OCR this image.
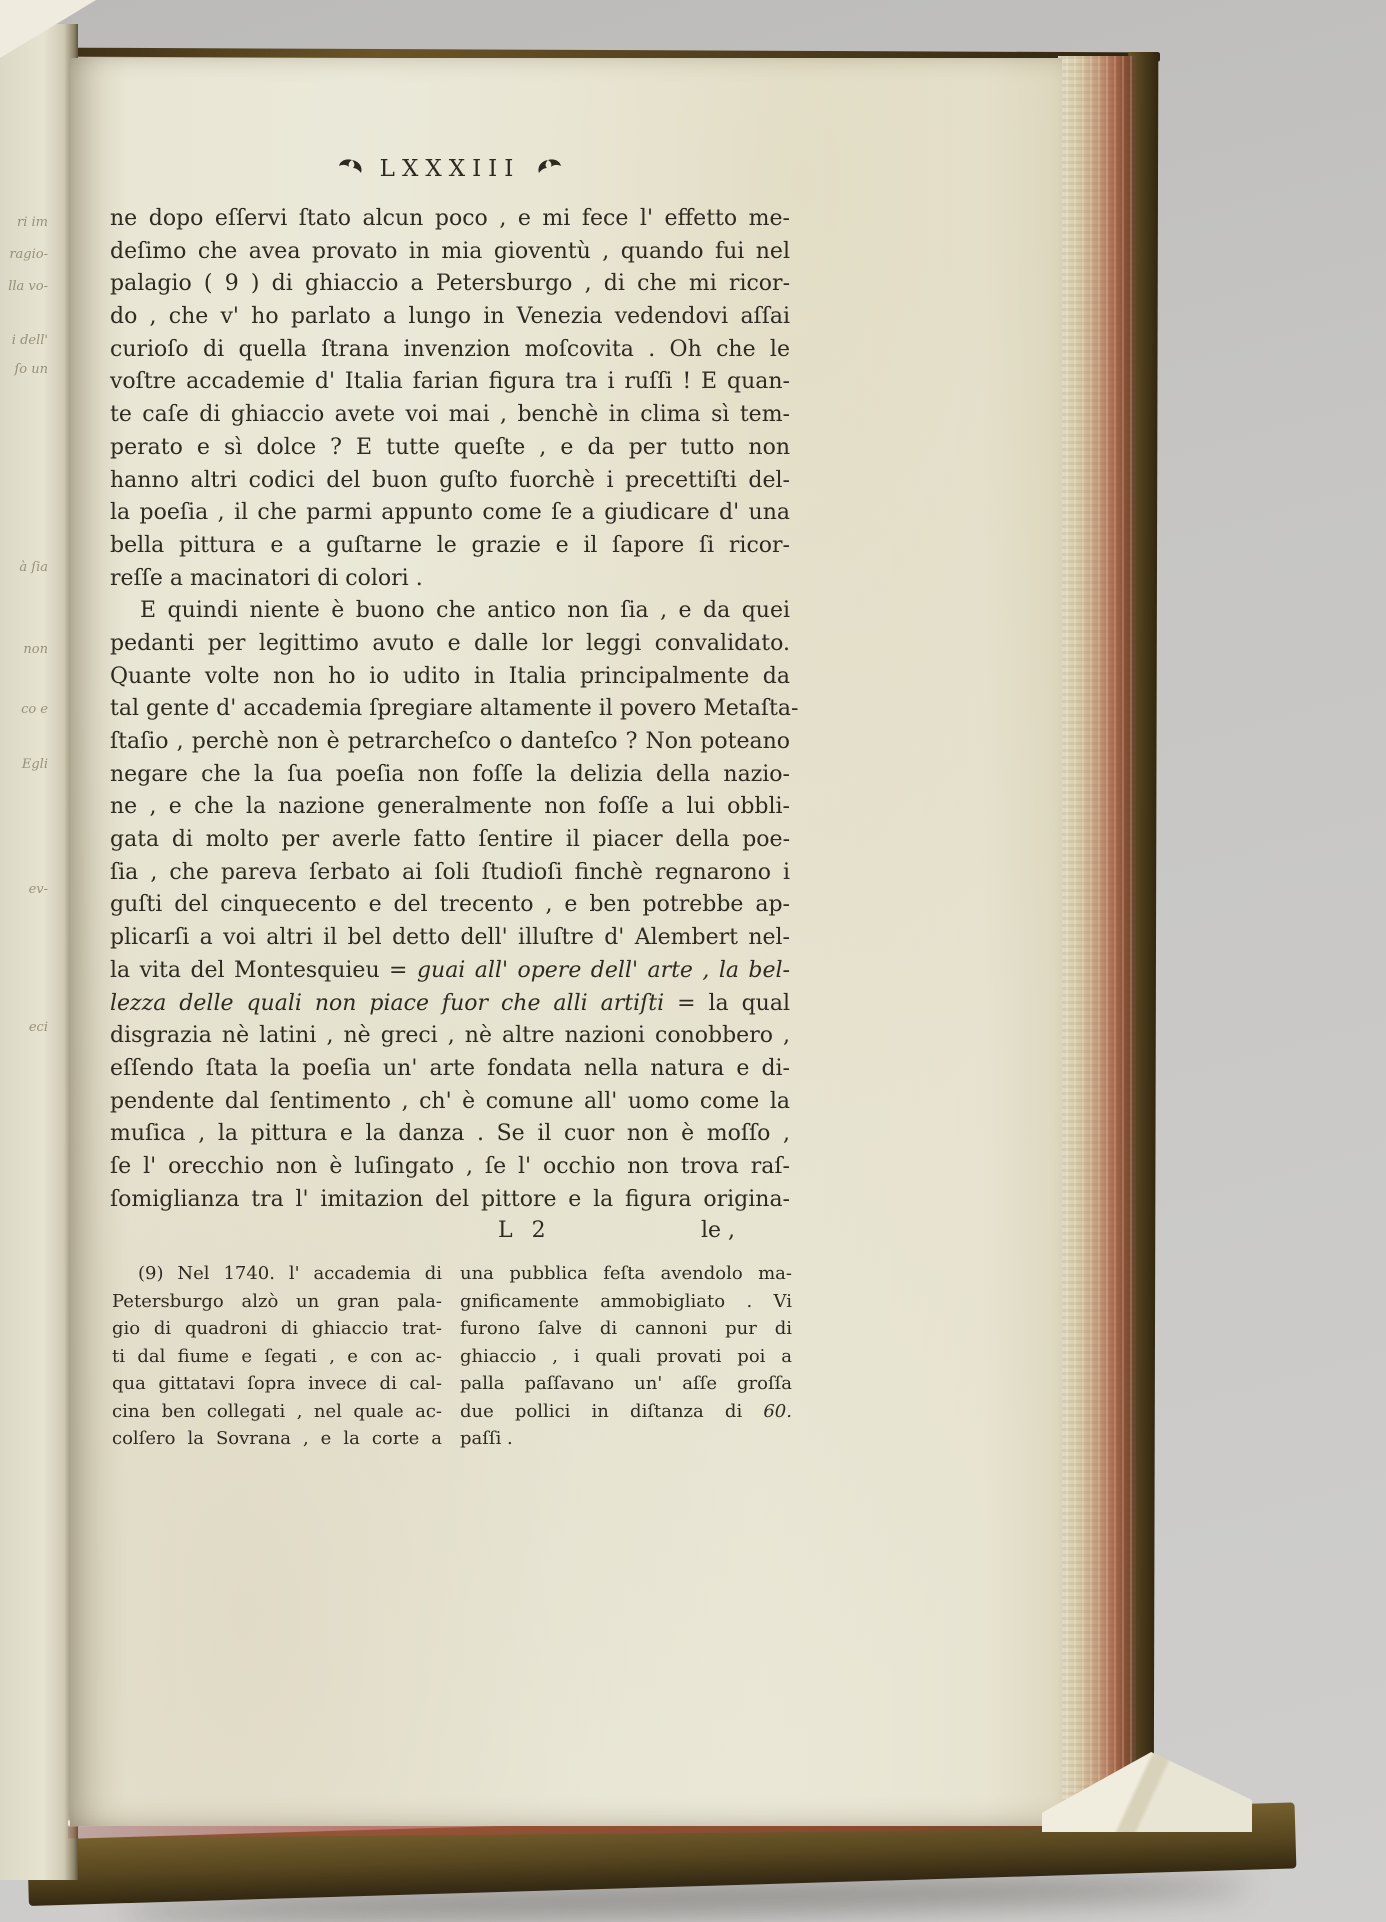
ri im
ragio-
lla vo-
i dell'
ſo un
à ſia
non
co e
Egli
ev-
eci
LXXXIII
ne dopo eſſervi ſtato alcun poco , e mi fece l' effetto me-
deſimo che avea provato in mia gioventù , quando fui nel
palagio ( 9 ) di ghiaccio a Petersburgo , di che mi ricor-
do , che v' ho parlato a lungo in Venezia vedendovi aſſai
curioſo di quella ſtrana invenzion moſcovita . Oh che le
voſtre accademie d' Italia farian figura tra i ruſſi ! E quan-
te caſe di ghiaccio avete voi mai , benchè in clima sì tem-
perato e sì dolce ? E tutte queſte , e da per tutto non
hanno altri codici del buon guſto fuorchè i precettiſti del-
la poeſia , il che parmi appunto come ſe a giudicare d' una
bella pittura e a guſtarne le grazie e il ſapore ſi ricor-
reſſe a macinatori di colori .
E quindi niente è buono che antico non ſia , e da quei
pedanti per legittimo avuto e dalle lor leggi convalidato.
Quante volte non ho io udito in Italia principalmente da
tal gente d' accademia ſpregiare altamente il povero Metaſta-
ſtaſio , perchè non è petrarcheſco o danteſco ? Non poteano
negare che la ſua poeſia non foſſe la delizia della nazio-
ne , e che la nazione generalmente non foſſe a lui obbli-
gata di molto per averle fatto ſentire il piacer della poe-
ſia , che pareva ſerbato ai ſoli ſtudioſi finchè regnarono i
guſti del cinquecento e del trecento , e ben potrebbe ap-
plicarſi a voi altri il bel detto dell' illuſtre d' Alembert nel-
la vita del Montesquieu = guai all' opere dell' arte , la bel-
lezza delle quali non piace fuor che alli artiſti = la qual
disgrazia nè latini , nè greci , nè altre nazioni conobbero ,
eſſendo ſtata la poeſia un' arte fondata nella natura e di-
pendente dal ſentimento , ch' è comune all' uomo come la
muſica , la pittura e la danza . Se il cuor non è moſſo ,
ſe l' orecchio non è luſingato , ſe l' occhio non trova raſ-
ſomiglianza tra l' imitazion del pittore e la figura origina-
L 2	le ,
(9) Nel 1740. l' accademia di
Petersburgo alzò un gran pala-
gio di quadroni di ghiaccio trat-
ti dal fiume e ſegati , e con ac-
qua gittatavi ſopra invece di cal-
cina ben collegati , nel quale ac-
colſero la Sovrana , e la corte a
una pubblica feſta avendolo ma-
gnificamente ammobigliato . Vi
furono ſalve di cannoni pur di
ghiaccio , i quali provati poi a
palla paſſavano un' aſſe groſſa
due pollici in diſtanza di 60.
paſſi .
